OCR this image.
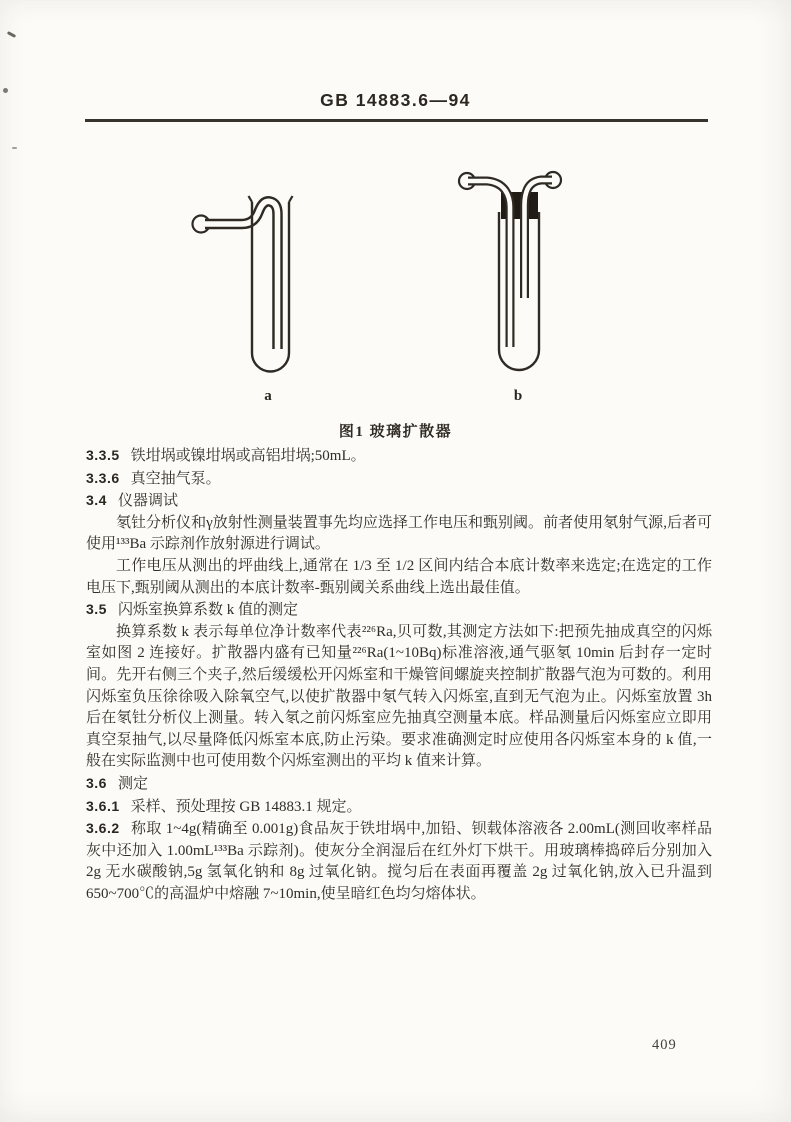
GB 14883.6—94
a	b
图1 玻璃扩散器

3.3.5 铁坩埚或镍坩埚或高铝坩埚;50mL。

3.3.6 真空抽气泵。

3.4 仪器调试

氡钍分析仪和γ放射性测量装置事先均应选择工作电压和甄别阈。前者使用氡射气源,后者可使用¹³³Ba 示踪剂作放射源进行调试。

工作电压从测出的坪曲线上,通常在 1/3 至 1/2 区间内结合本底计数率来选定;在选定的工作电压下,甄别阈从测出的本底计数率-甄别阈关系曲线上选出最佳值。

3.5 闪烁室换算系数 k 值的测定

换算系数 k 表示每单位净计数率代表²²⁶Ra,贝可数,其测定方法如下:把预先抽成真空的闪烁室如图 2 连接好。扩散器内盛有已知量²²⁶Ra(1~10Bq)标准溶液,通气驱氡 10min 后封存一定时间。先开右侧三个夹子,然后缓缓松开闪烁室和干燥管间螺旋夹控制扩散器气泡为可数的。利用闪烁室负压徐徐吸入除氧空气,以使扩散器中氡气转入闪烁室,直到无气泡为止。闪烁室放置 3h 后在氡钍分析仪上测量。转入氡之前闪烁室应先抽真空测量本底。样品测量后闪烁室应立即用真空泵抽气,以尽量降低闪烁室本底,防止污染。要求准确测定时应使用各闪烁室本身的 k 值,一般在实际监测中也可使用数个闪烁室测出的平均 k 值来计算。

3.6 测定

3.6.1 采样、预处理按 GB 14883.1 规定。

3.6.2 称取 1~4g(精确至 0.001g)食品灰于铁坩埚中,加铅、钡载体溶液各 2.00mL(测回收率样品灰中还加入 1.00mL¹³³Ba 示踪剂)。使灰分全润湿后在红外灯下烘干。用玻璃棒捣碎后分别加入 2g 无水碳酸钠,5g 氢氧化钠和 8g 过氧化钠。搅匀后在表面再覆盖 2g 过氧化钠,放入已升温到 650~700℃的高温炉中熔融 7~10min,使呈暗红色均匀熔体状。

409
